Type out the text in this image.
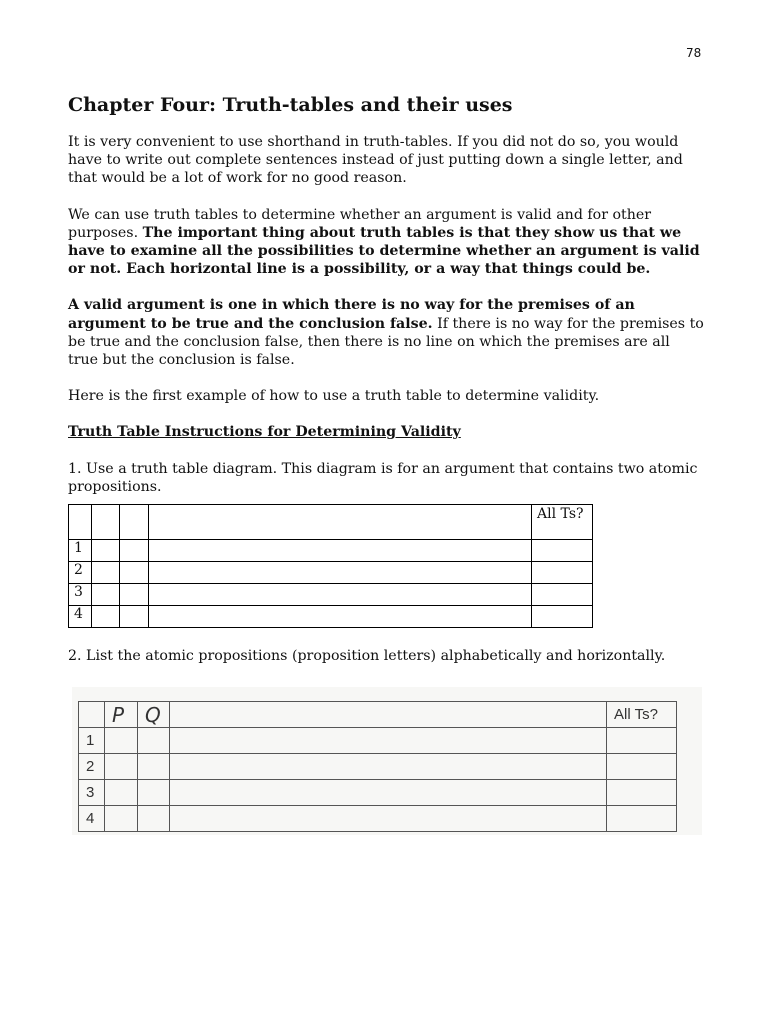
78
Chapter Four: Truth-tables and their uses

It is very convenient to use shorthand in truth-tables. If you did not do so, you would have to write out complete sentences instead of just putting down a single letter, and that would be a lot of work for no good reason.

We can use truth tables to determine whether an argument is valid and for other purposes. The important thing about truth tables is that they show us that we have to examine all the possibilities to determine whether an argument is valid or not. Each horizontal line is a possibility, or a way that things could be.

A valid argument is one in which there is no way for the premises of an argument to be true and the conclusion false. If there is no way for the premises to be true and the conclusion false, then there is no line on which the premises are all true but the conclusion is false.

Here is the first example of how to use a truth table to determine validity.

Truth Table Instructions for Determining Validity

1. Use a truth table diagram. This diagram is for an argument that contains two atomic propositions.

				All Ts?
1				
2				
3				
4				

2. List the atomic propositions (proposition letters) alphabetically and horizontally.

	P	Q		All Ts?
1				
2				
3				
4				
